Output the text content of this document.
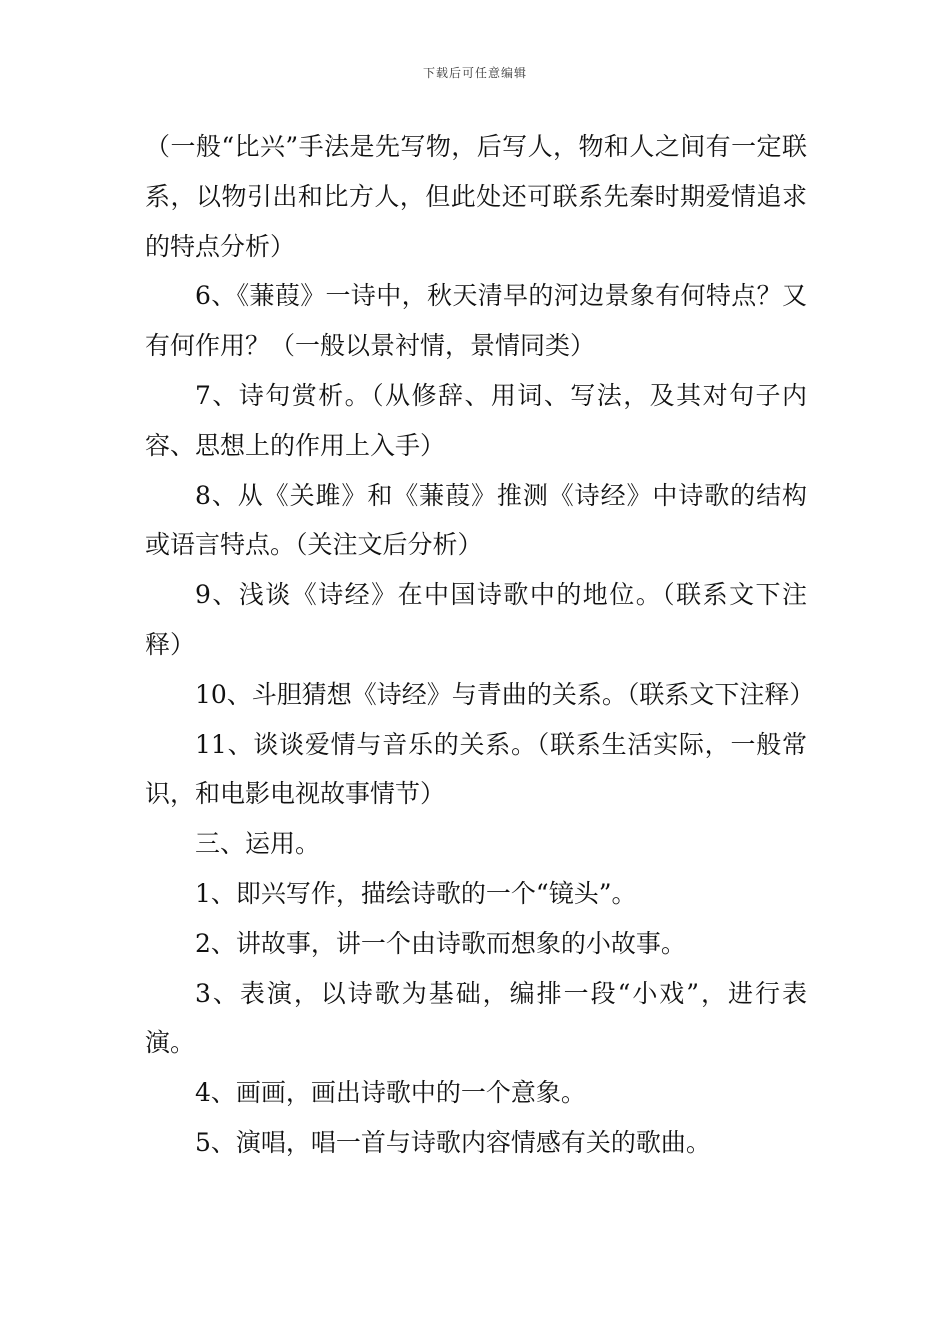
下载后可任意编辑

（一般“比兴”手法是先写物，后写人，物和人之间有一定联系，以物引出和比方人，但此处还可联系先秦时期爱情追求的特点分析）

6、《蒹葭》一诗中，秋天清早的河边景象有何特点？又有何作用？（一般以景衬情，景情同类）

7、诗句赏析。（从修辞、用词、写法，及其对句子内容、思想上的作用上入手）

8、从《关雎》和《蒹葭》推测《诗经》中诗歌的结构或语言特点。（关注文后分析）

9、浅谈《诗经》在中国诗歌中的地位。（联系文下注释）

10、斗胆猜想《诗经》与青曲的关系。（联系文下注释）

11、谈谈爱情与音乐的关系。（联系生活实际，一般常识，和电影电视故事情节）

三、运用。

1、即兴写作，描绘诗歌的一个“镜头”。

2、讲故事，讲一个由诗歌而想象的小故事。

3、表演，以诗歌为基础，编排一段“小戏”，进行表演。

4、画画，画出诗歌中的一个意象。

5、演唱，唱一首与诗歌内容情感有关的歌曲。
